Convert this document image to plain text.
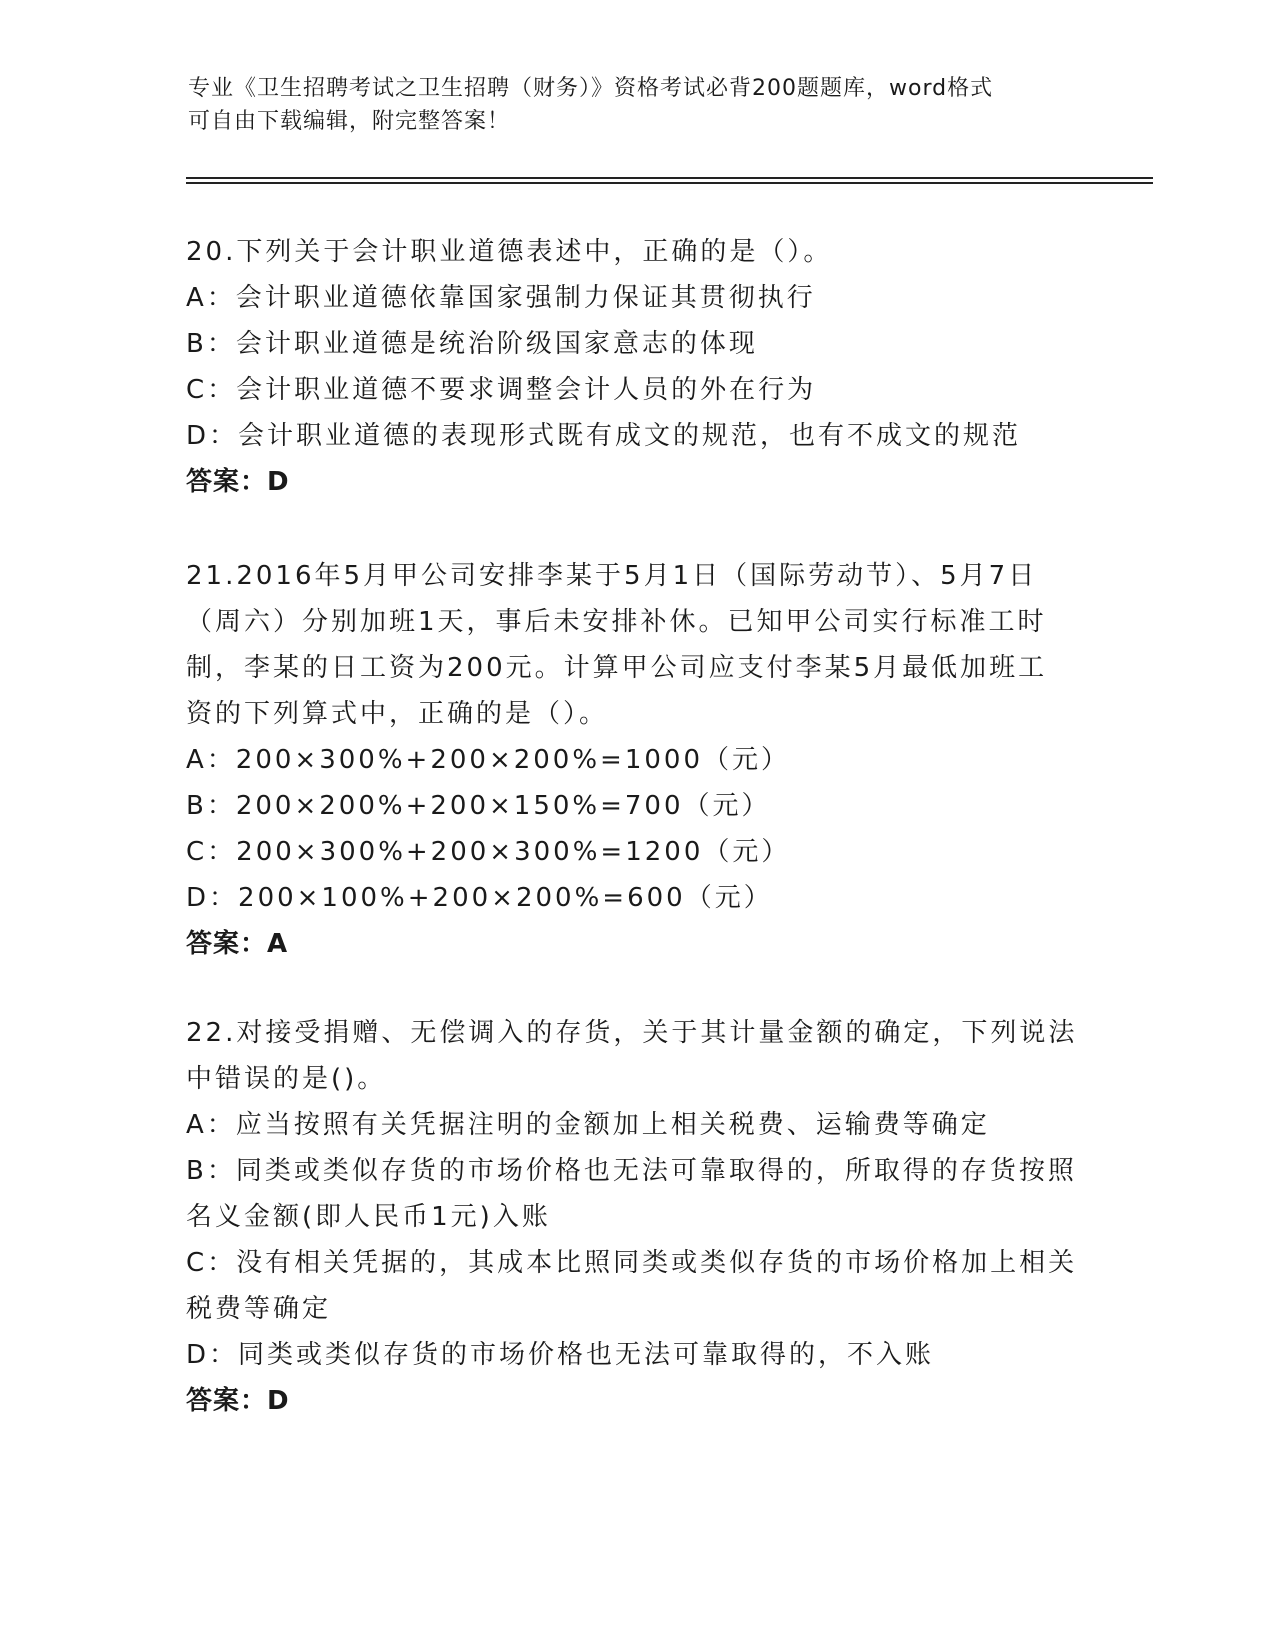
专业《卫生招聘考试之卫生招聘（财务）》资格考试必背200题题库，word格式
可自由下载编辑，附完整答案！
20.下列关于会计职业道德表述中，正确的是（）。
A：会计职业道德依靠国家强制力保证其贯彻执行
B：会计职业道德是统治阶级国家意志的体现
C：会计职业道德不要求调整会计人员的外在行为
D：会计职业道德的表现形式既有成文的规范，也有不成文的规范
答案：D
21.2016年5月甲公司安排李某于5月1日（国际劳动节）、5月7日
（周六）分别加班1天，事后未安排补休。已知甲公司实行标准工时
制，李某的日工资为200元。计算甲公司应支付李某5月最低加班工
资的下列算式中，正确的是（）。
A：200×300%+200×200%=1000（元）
B：200×200%+200×150%=700（元）
C：200×300%+200×300%=1200（元）
D：200×100%+200×200%=600（元）
答案：A
22.对接受捐赠、无偿调入的存货，关于其计量金额的确定，下列说法
中错误的是()。
A：应当按照有关凭据注明的金额加上相关税费、运输费等确定
B：同类或类似存货的市场价格也无法可靠取得的，所取得的存货按照
名义金额(即人民币1元)入账
C：没有相关凭据的，其成本比照同类或类似存货的市场价格加上相关
税费等确定
D：同类或类似存货的市场价格也无法可靠取得的，不入账
答案：D
